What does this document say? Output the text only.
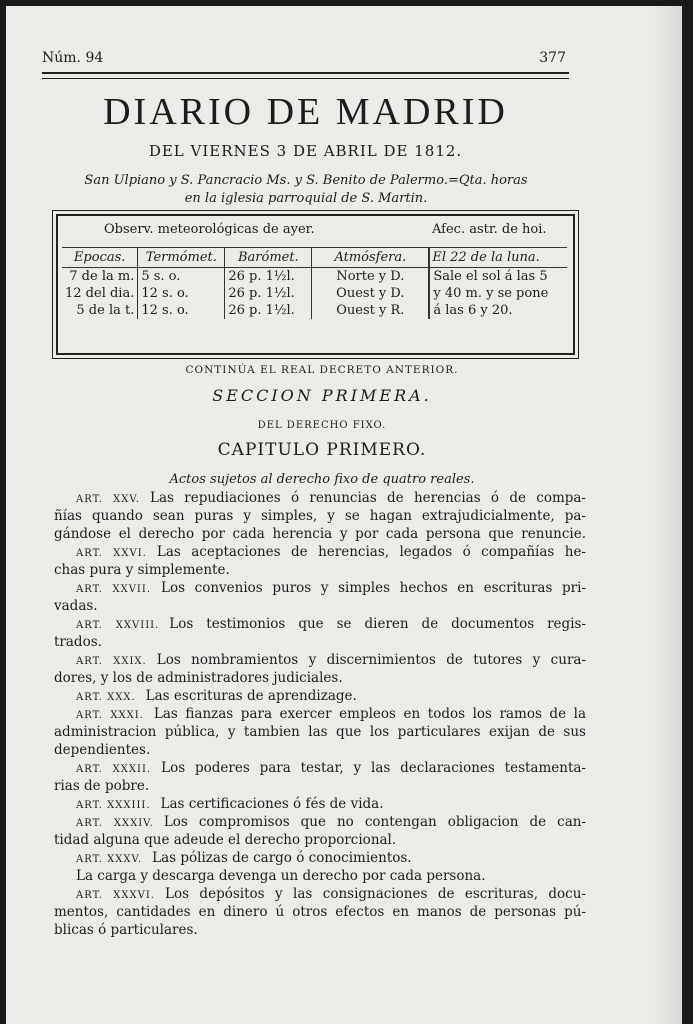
Núm. 94	377
DIARIO DE MADRID
DEL VIERNES 3 DE ABRIL DE 1812.
San Ulpiano y S. Pancracio Ms. y S. Benito de Palermo.=Qta. horas
en la iglesia parroquial de S. Martin.
Observ. meteorológicas de ayer.	Afec. astr. de hoi.
Epocas.	Termómet.	Barómet.	Atmósfera.	El 22 de la luna.
7 de la m.	5 s. o.	26 p. 1½l.	Norte y D.	Sale el sol á las 5
12 del dia.	12 s. o.	26 p. 1½l.	Ouest y D.	y 40 m. y se pone
5 de la t.	12 s. o.	26 p. 1½l.	Ouest y R.	á las 6 y 20.
CONTINÚA EL REAL DECRETO ANTERIOR.
SECCION PRIMERA.
DEL DERECHO FIXO.
CAPITULO PRIMERO.
Actos sujetos al derecho fixo de quatro reales.
ART. XXV. Las repudiaciones ó renuncias de herencias ó de compa-
ñías quando sean puras y simples, y se hagan extrajudicialmente, pa-
gándose el derecho por cada herencia y por cada persona que renuncie.
ART. XXVI. Las aceptaciones de herencias, legados ó compañías he-
chas pura y simplemente.
ART. XXVII. Los convenios puros y simples hechos en escrituras pri-
vadas.
ART. XXVIII. Los testimonios que se dieren de documentos regis-
trados.
ART. XXIX. Los nombramientos y discernimientos de tutores y cura-
dores, y los de administradores judiciales.
ART. XXX. Las escrituras de aprendizage.
ART. XXXI. Las fianzas para exercer empleos en todos los ramos de la
administracion pública, y tambien las que los particulares exijan de sus
dependientes.
ART. XXXII. Los poderes para testar, y las declaraciones testamenta-
rias de pobre.
ART. XXXIII. Las certificaciones ó fés de vida.
ART. XXXIV. Los compromisos que no contengan obligacion de can-
tidad alguna que adeude el derecho proporcional.
ART. XXXV. Las pólizas de cargo ó conocimientos.
La carga y descarga devenga un derecho por cada persona.
ART. XXXVI. Los depósitos y las consignaciones de escrituras, docu-
mentos, cantidades en dinero ú otros efectos en manos de personas pú-
blicas ó particulares.
